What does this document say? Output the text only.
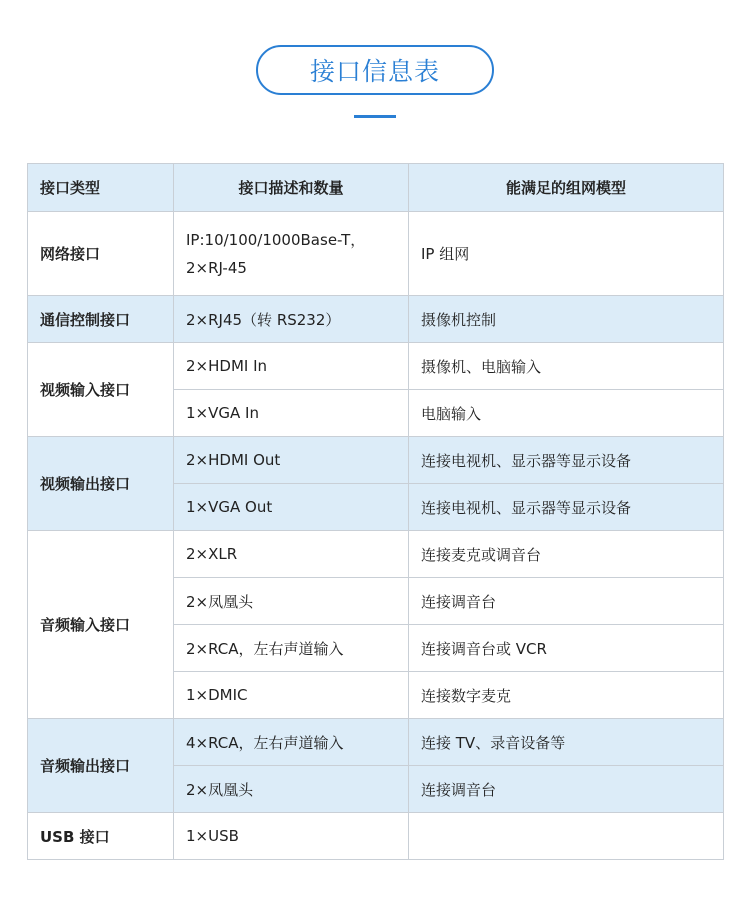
接口信息表
接口类型	接口描述和数量	能满足的组网模型
网络接口	IP:10/100/1000Base-T，2×RJ-45	IP 组网
通信控制接口	2×RJ45（转 RS232）	摄像机控制
视频输入接口	2×HDMI In	摄像机、电脑输入
	1×VGA In	电脑输入
视频输出接口	2×HDMI Out	连接电视机、显示器等显示设备
	1×VGA Out	连接电视机、显示器等显示设备
音频输入接口	2×XLR	连接麦克或调音台
	2×凤凰头	连接调音台
	2×RCA，左右声道输入	连接调音台或 VCR
	1×DMIC	连接数字麦克
音频输出接口	4×RCA，左右声道输入	连接 TV、录音设备等
	2×凤凰头	连接调音台
USB 接口	1×USB	
